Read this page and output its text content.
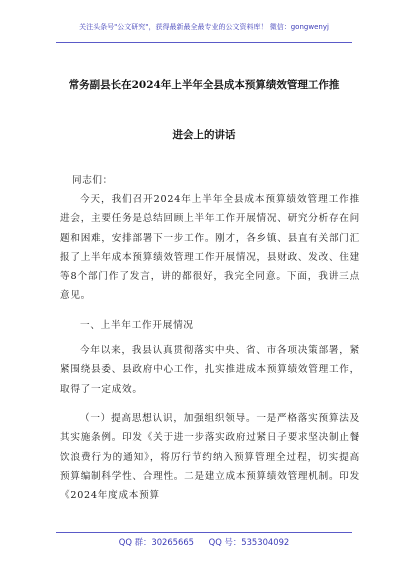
关注头条号"公文研究"，获得最新最全最专业的公文资料库！ 微信：gongwenyj
常务副县长在2024年上半年全县成本预算绩效管理工作推
进会上的讲话
同志们：

今天，我们召开2024年上半年全县成本预算绩效管理工作推进会，主要任务是总结回顾上半年工作开展情况、研究分析存在问题和困难，安排部署下一步工作。刚才，各乡镇、县直有关部门汇报了上半年成本预算绩效管理工作开展情况，县财政、发改、住建等8个部门作了发言，讲的都很好，我完全同意。下面，我讲三点意见。

一、上半年工作开展情况

今年以来，我县认真贯彻落实中央、省、市各项决策部署，紧紧围绕县委、县政府中心工作，扎实推进成本预算绩效管理工作，取得了一定成效。

（一）提高思想认识，加强组织领导。一是严格落实预算法及其实施条例。印发《关于进一步落实政府过紧日子要求坚决制止餐饮浪费行为的通知》，将厉行节约纳入预算管理全过程，切实提高预算编制科学性、合理性。二是建立成本预算绩效管理机制。印发《2024年度成本预算

QQ 群：30265665 QQ 号：535304092
